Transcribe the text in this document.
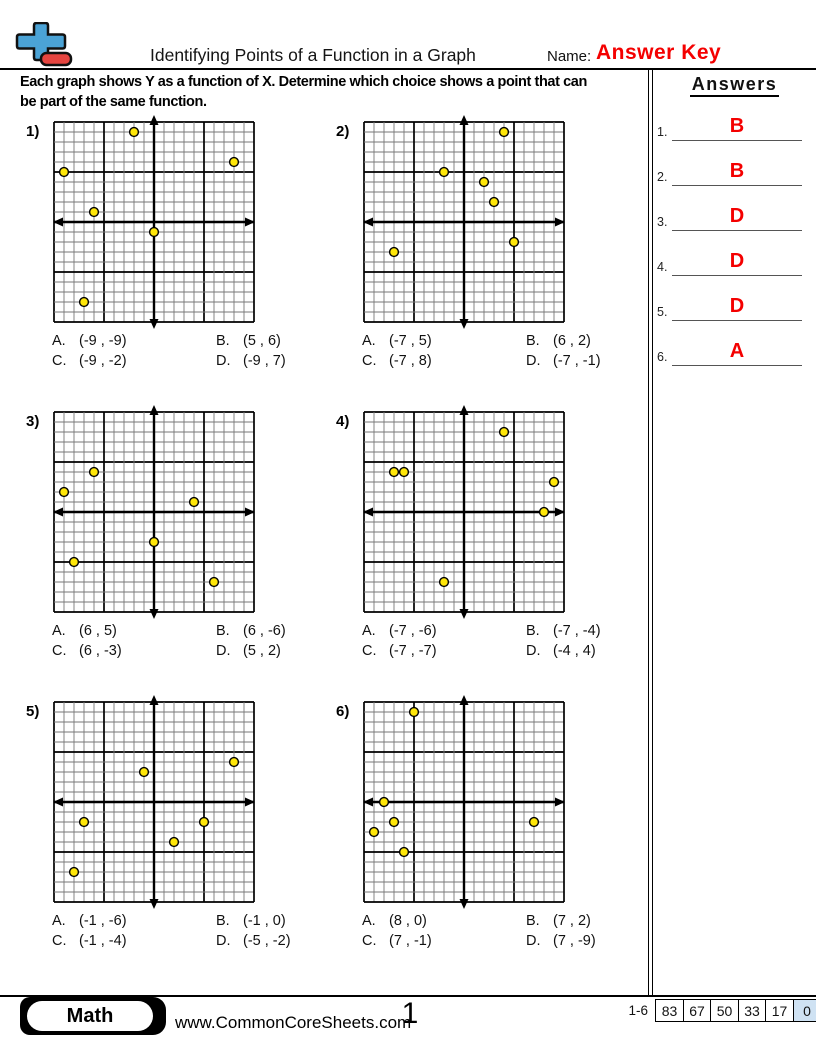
Identifying Points of a Function in a Graph	Name: Answer Key
Each graph shows Y as a function of X. Determine which choice shows a point that can
be part of the same function.
Answers
1.	B
2.	B
3.	D
4.	D
5.	D
6.	A
1)
A. (-9 , -9)	B. (5 , 6)
C. (-9 , -2)	D. (-9 , 7)
2)
A. (-7 , 5)	B. (6 , 2)
C. (-7 , 8)	D. (-7 , -1)
3)
A. (6 , 5)	B. (6 , -6)
C. (6 , -3)	D. (5 , 2)
4)
A. (-7 , -6)	B. (-7 , -4)
C. (-7 , -7)	D. (-4 , 4)
5)
A. (-1 , -6)	B. (-1 , 0)
C. (-1 , -4)	D. (-5 , -2)
6)
A. (8 , 0)	B. (7 , 2)
C. (7 , -1)	D. (7 , -9)
Math	www.CommonCoreSheets.com
1	1-6 83 67 50 33 17	0
